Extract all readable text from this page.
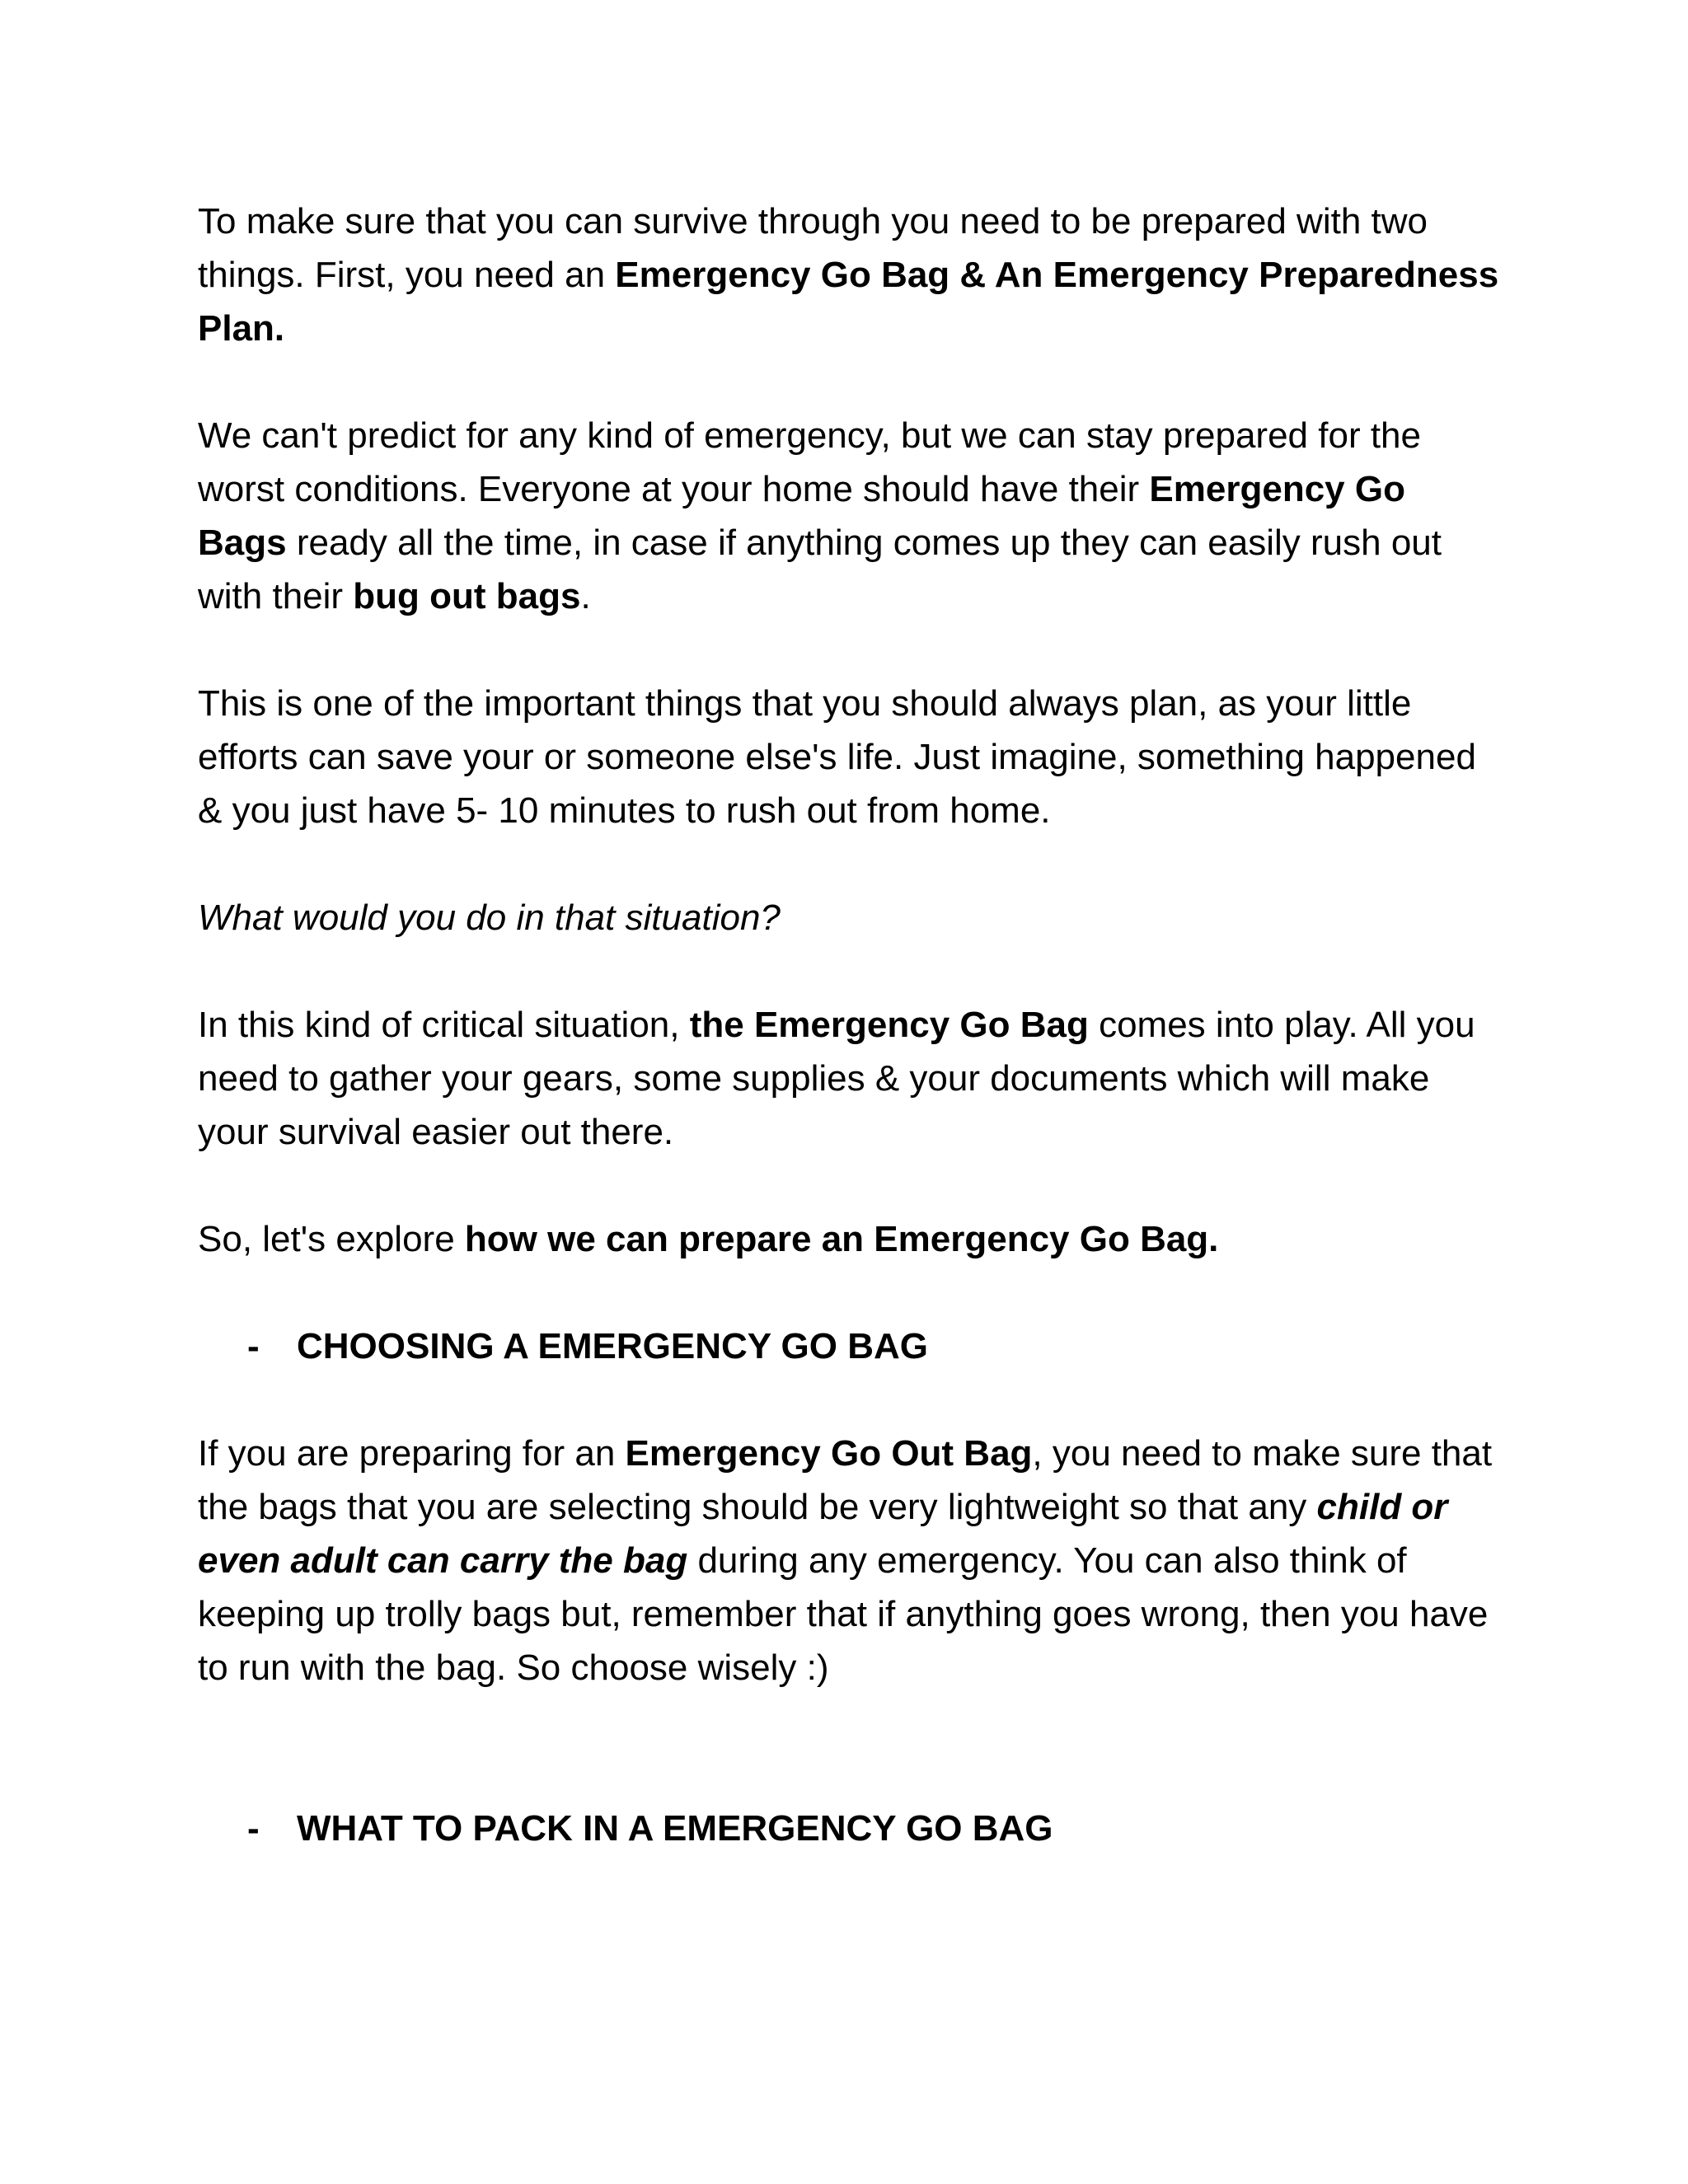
To make sure that you can survive through you need to be prepared with two things. First, you need an Emergency Go Bag & An Emergency Preparedness Plan.

We can't predict for any kind of emergency, but we can stay prepared for the worst conditions. Everyone at your home should have their Emergency Go Bags ready all the time, in case if anything comes up they can easily rush out with their bug out bags.

This is one of the important things that you should always plan, as your little efforts can save your or someone else's life. Just imagine, something happened & you just have 5- 10 minutes to rush out from home.

What would you do in that situation?

In this kind of critical situation, the Emergency Go Bag comes into play. All you need to gather your gears, some supplies & your documents which will make your survival easier out there.

So, let's explore how we can prepare an Emergency Go Bag.

-	CHOOSING A EMERGENCY GO BAG

If you are preparing for an Emergency Go Out Bag, you need to make sure that the bags that you are selecting should be very lightweight so that any child or even adult can carry the bag during any emergency. You can also think of keeping up trolly bags but, remember that if anything goes wrong, then you have to run with the bag. So choose wisely :)

-	WHAT TO PACK IN A EMERGENCY GO BAG
